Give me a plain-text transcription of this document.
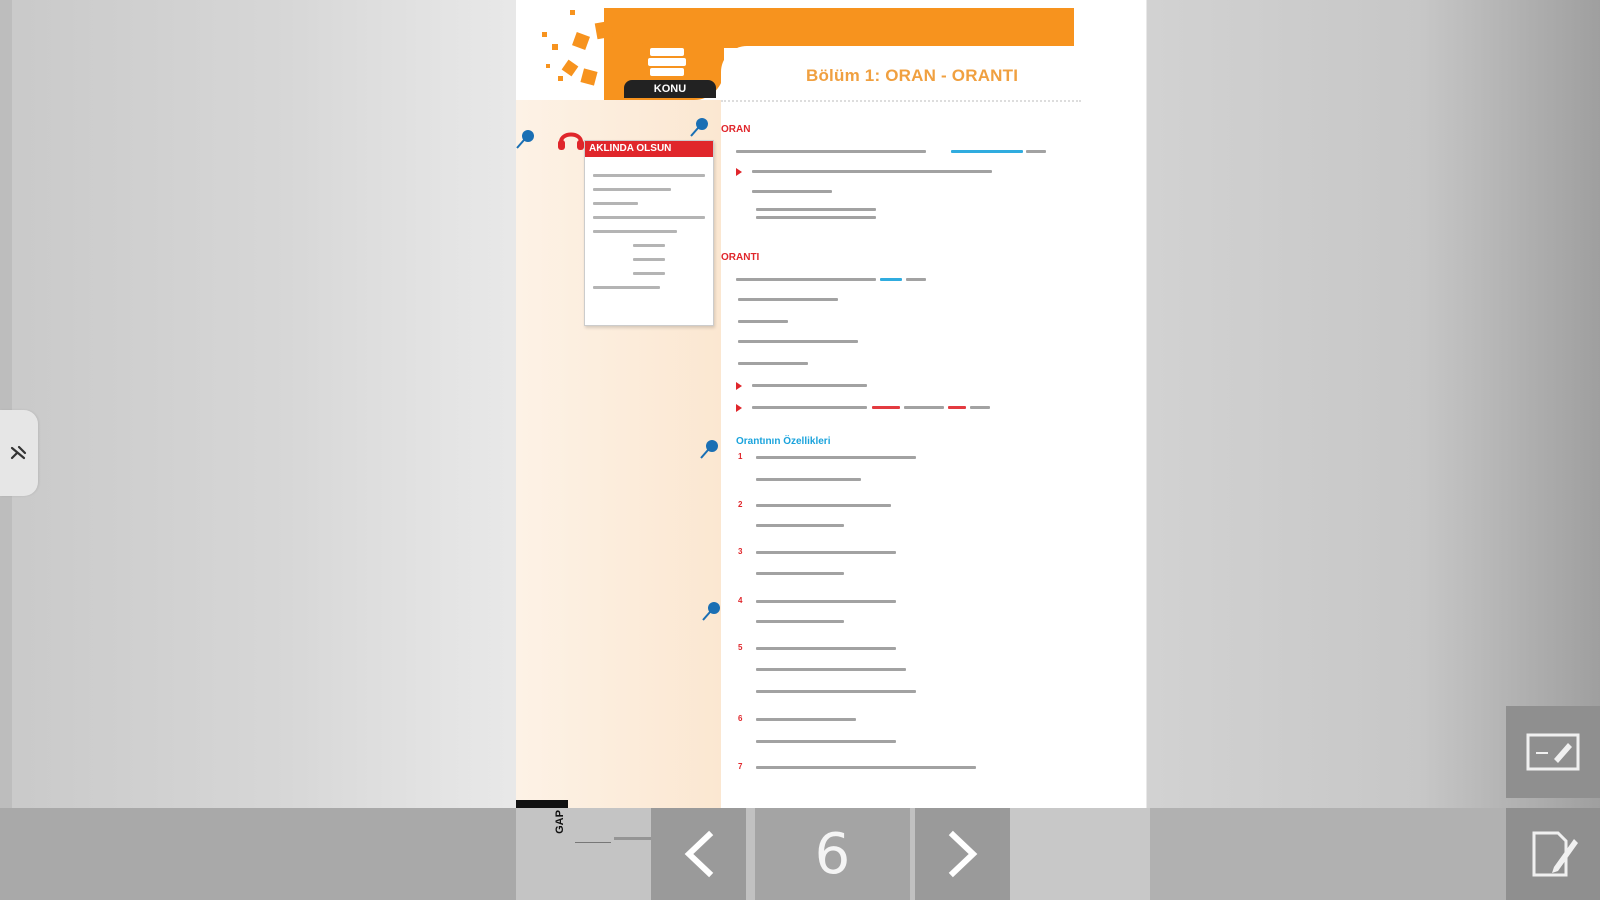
KONU
Bölüm 1: ORAN - ORANTI
AKLINDA OLSUN
ORAN
ORANTI
Orantının Özellikleri
1
2
3
4
5
6
7
GAP	6
